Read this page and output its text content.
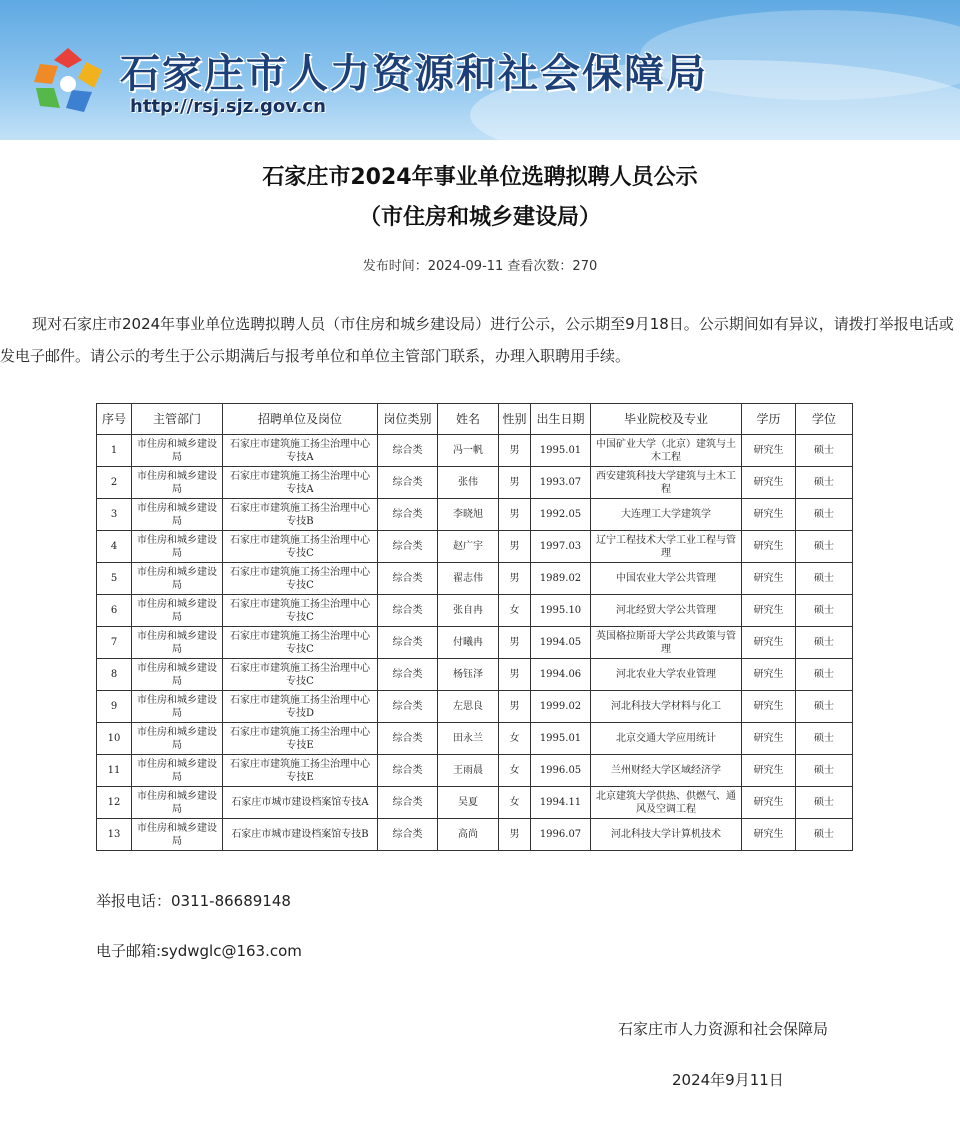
石家庄市人力资源和社会保障局
http://rsj.sjz.gov.cn
石家庄市2024年事业单位选聘拟聘人员公示
（市住房和城乡建设局）
发布时间：2024-09-11 查看次数：270

现对石家庄市2024年事业单位选聘拟聘人员（市住房和城乡建设局）进行公示，公示期至9月18日。公示期间如有异议，请拨打举报电话或发电子邮件。请公示的考生于公示期满后与报考单位和单位主管部门联系，办理入职聘用手续。

序号	主管部门	招聘单位及岗位	岗位类别	姓名	性别	出生日期	毕业院校及专业	学历	学位
1	市住房和城乡建设局	石家庄市建筑施工扬尘治理中心专技A	综合类	冯一帆	男	1995.01	中国矿业大学（北京）建筑与土木工程	研究生	硕士
2	市住房和城乡建设局	石家庄市建筑施工扬尘治理中心专技A	综合类	张伟	男	1993.07	西安建筑科技大学建筑与土木工程	研究生	硕士
3	市住房和城乡建设局	石家庄市建筑施工扬尘治理中心专技B	综合类	李晓旭	男	1992.05	大连理工大学建筑学	研究生	硕士
4	市住房和城乡建设局	石家庄市建筑施工扬尘治理中心专技C	综合类	赵广宇	男	1997.03	辽宁工程技术大学工业工程与管理	研究生	硕士
5	市住房和城乡建设局	石家庄市建筑施工扬尘治理中心专技C	综合类	翟志伟	男	1989.02	中国农业大学公共管理	研究生	硕士
6	市住房和城乡建设局	石家庄市建筑施工扬尘治理中心专技C	综合类	张自冉	女	1995.10	河北经贸大学公共管理	研究生	硕士
7	市住房和城乡建设局	石家庄市建筑施工扬尘治理中心专技C	综合类	付曦冉	男	1994.05	英国格拉斯哥大学公共政策与管理	研究生	硕士
8	市住房和城乡建设局	石家庄市建筑施工扬尘治理中心专技C	综合类	杨钰泽	男	1994.06	河北农业大学农业管理	研究生	硕士
9	市住房和城乡建设局	石家庄市建筑施工扬尘治理中心专技D	综合类	左思良	男	1999.02	河北科技大学材料与化工	研究生	硕士
10	市住房和城乡建设局	石家庄市建筑施工扬尘治理中心专技E	综合类	田永兰	女	1995.01	北京交通大学应用统计	研究生	硕士
11	市住房和城乡建设局	石家庄市建筑施工扬尘治理中心专技E	综合类	王雨晨	女	1996.05	兰州财经大学区域经济学	研究生	硕士
12	市住房和城乡建设局	石家庄市城市建设档案馆专技A	综合类	吴夏	女	1994.11	北京建筑大学供热、供燃气、通风及空调工程	研究生	硕士
13	市住房和城乡建设局	石家庄市城市建设档案馆专技B	综合类	高尚	男	1996.07	河北科技大学计算机技术	研究生	硕士
举报电话：0311-86689148
电子邮箱:sydwglc@163.com
石家庄市人力资源和社会保障局
2024年9月11日
